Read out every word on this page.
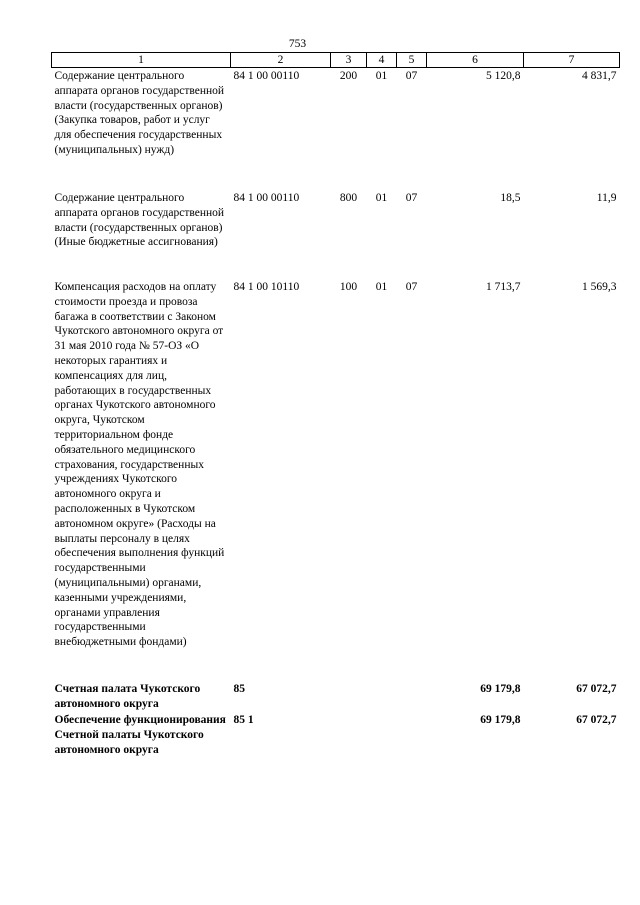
753
1	2	3	4	5	6	7
Содержание центрального аппарата органов государственной власти (государственных органов) (Закупка товаров, работ и услуг для обеспечения государственных (муниципальных) нужд)	84 1 00 00110	200	01	07	5 120,8	4 831,7
Содержание центрального аппарата органов государственной власти (государственных органов) (Иные бюджетные ассигнования)	84 1 00 00110	800	01	07	18,5	11,9
Компенсация расходов на оплату стоимости проезда и провоза багажа в соответствии с Законом Чукотского автономного округа от 31 мая 2010 года № 57-ОЗ «О некоторых гарантиях и компенсациях для лиц, работающих в государственных органах Чукотского автономного округа, Чукотском территориальном фонде обязательного медицинского страхования, государственных учреждениях Чукотского автономного округа и расположенных в Чукотском автономном округе» (Расходы на выплаты персоналу в целях обеспечения выполнения функций государственными (муниципальными) органами, казенными учреждениями, органами управления государственными внебюджетными фондами)	84 1 00 10110	100	01	07	1 713,7	1 569,3
Счетная палата Чукотского автономного округа	85				69 179,8	67 072,7
Обеспечение функционирования Счетной палаты Чукотского автономного округа	85 1				69 179,8	67 072,7
